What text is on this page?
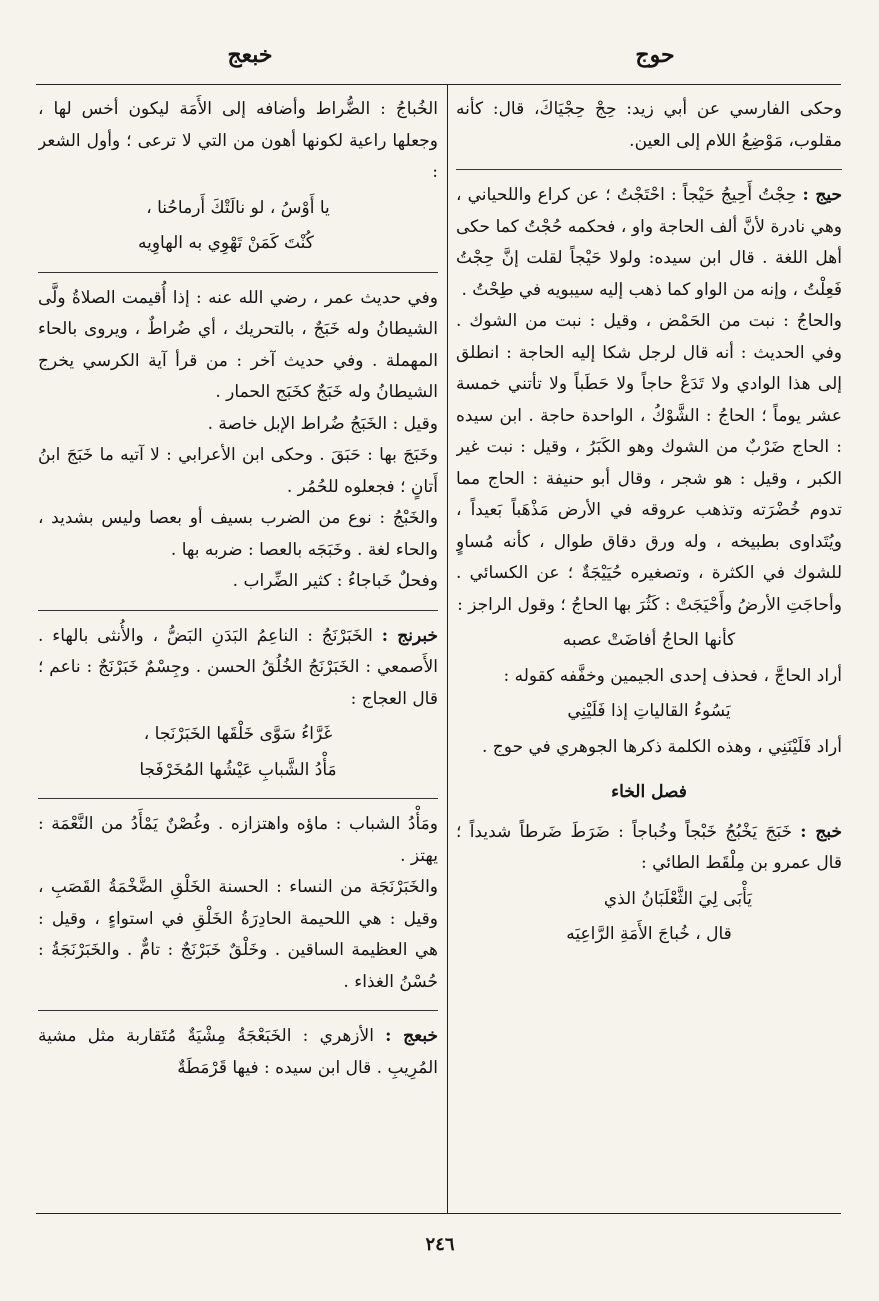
حوج
خبعج

وحكى الفارسي عن أبي زيد: حِجْ حِجْيَاكَ، قال: كأنه مقلوب، مَوْضِعُ اللام إلى العين.

حيج : حِجْتُ أَحِيجُ حَيْجاً : احْتَجْتُ ؛ عن كراع واللحياني ، وهي نادرة لأنَّ ألف الحاجة واو ، فحكمه حُجْتُ كما حكى أهل اللغة . قال ابن سيده: ولولا حَيْجاً لقلت إنَّ حِجْتُ فَعِلْتُ ، وإنه من الواو كما ذهب إليه سيبويه في طِحْتُ .

والحاجُ : نبت من الحَمْض ، وقيل : نبت من الشوك . وفي الحديث : أنه قال لرجل شكا إليه الحاجة : انطلق إلى هذا الوادي ولا تَدَعْ حاجاً ولا حَطَباً ولا تأتني خمسة عشر يوماً ؛ الحاجُ : الشَّوْكُ ، الواحدة حاجة . ابن سيده : الحاج ضَرْبٌ من الشوك وهو الكَبَرُ ، وقيل : نبت غير الكبر ، وقيل : هو شجر ، وقال أبو حنيفة : الحاج مما تدوم خُضْرَته وتذهب عروقه في الأرض مَذْهَباً بَعيداً ، ويُتَداوى بطبيخه ، وله ورق دقاق طوال ، كأنه مُساوٍ للشوك في الكثرة ، وتصغيره حُيَيْجَةٌ ؛ عن الكسائي . وأحاجَتِ الأرضُ وأَحْيَجَتْ : كَثُرَ بها الحاجُ ؛ وقول الراجز :

كأنها الحاجُ أفاضَتْ عصبه

أراد الحاجَّ ، فحذف إحدى الجيمين وخفَّفه كقوله :

يَسُوءُ القالياتِ إذا فَلَيْنِي

أراد فَلَيْنَنِي ، وهذه الكلمة ذكرها الجوهري في حوج .

فصل الخاء

خبج : خَبَجَ يَخْبُجُ خَبْجاً وخُباجاً : ضَرَطَ ضَرطاً شديداً ؛ قال عمرو بن مِلْقَط الطائي :

يَأْبَى لِيَ الثَّعْلَبَانُ الذي

قال ، خُباجَ الأَمَةِ الرَّاعِيَه

الخُباجُ : الضُّراط وأضافه إلى الأَمَة ليكون أخس لها ، وجعلها راعية لكونها أهون من التي لا ترعى ؛ وأول الشعر :

يا أَوْسُ ، لو نالَتْكَ أَرماحُنا ،

كُنْتَ كَمَنْ تَهْوِي به الهاوِيه

وفي حديث عمر ، رضي الله عنه : إذا أُقيمت الصلاةُ ولَّى الشيطانُ وله خَبَجٌ ، بالتحريك ، أي ضُراطٌ ، ويروى بالحاء المهملة . وفي حديث آخر : من قرأ آية الكرسي يخرج الشيطانُ وله خَبَجٌ كخَبَج الحمار .

وقيل : الخَبَجُ ضُراط الإبل خاصة .

وخَبَجَ بها : حَبَقَ . وحكى ابن الأعرابي : لا آتيه ما خَبَجَ ابنُ أَتانٍ ؛ فجعلوه للحُمُر .

والخَبْجُ : نوع من الضرب بسيف أو بعصا وليس بشديد ، والحاء لغة . وخَبَجَه بالعصا : ضربه بها .

وفحلٌ خَباجاءُ : كثير الضِّراب .

خبرنج : الخَبَرْنَجُ : الناعِمُ البَدَنِ البَضُّ ، والأُنثى بالهاء . الأَصمعي : الخَبَرْنَجُ الخُلُقُ الحسن . وجِسْمٌ خَبَرْنَجٌ : ناعم ؛ قال العجاج :

غَرَّاءُ سَوَّى خَلْقَها الخَبَرْنَجا ،

مَأْدُ الشَّبابِ عَيْشُها المُخَرْفَجا

ومَأْدُ الشباب : ماؤه واهتزازه . وغُصْنٌ يَمْأَدُ من النَّعْمَة : يهتز .

والخَبَرْنَجَة من النساء : الحسنة الخَلْقِ الضَّخْمَةُ القَصَبِ ، وقيل : هي اللحيمة الحادِرَةُ الخَلْقِ في استواءٍ ، وقيل : هي العظيمة الساقين . وخَلْقٌ خَبَرْنَجٌ : تامٌّ . والخَبَرْنَجَةُ : حُسْنُ الغذاء .

خبعج : الأزهري : الخَبَعْجَةُ مِشْيَةٌ مُتَقاربة مثل مشية المُرِيبِ . قال ابن سيده : فيها قَرْمَطَةٌ

٢٤٦
